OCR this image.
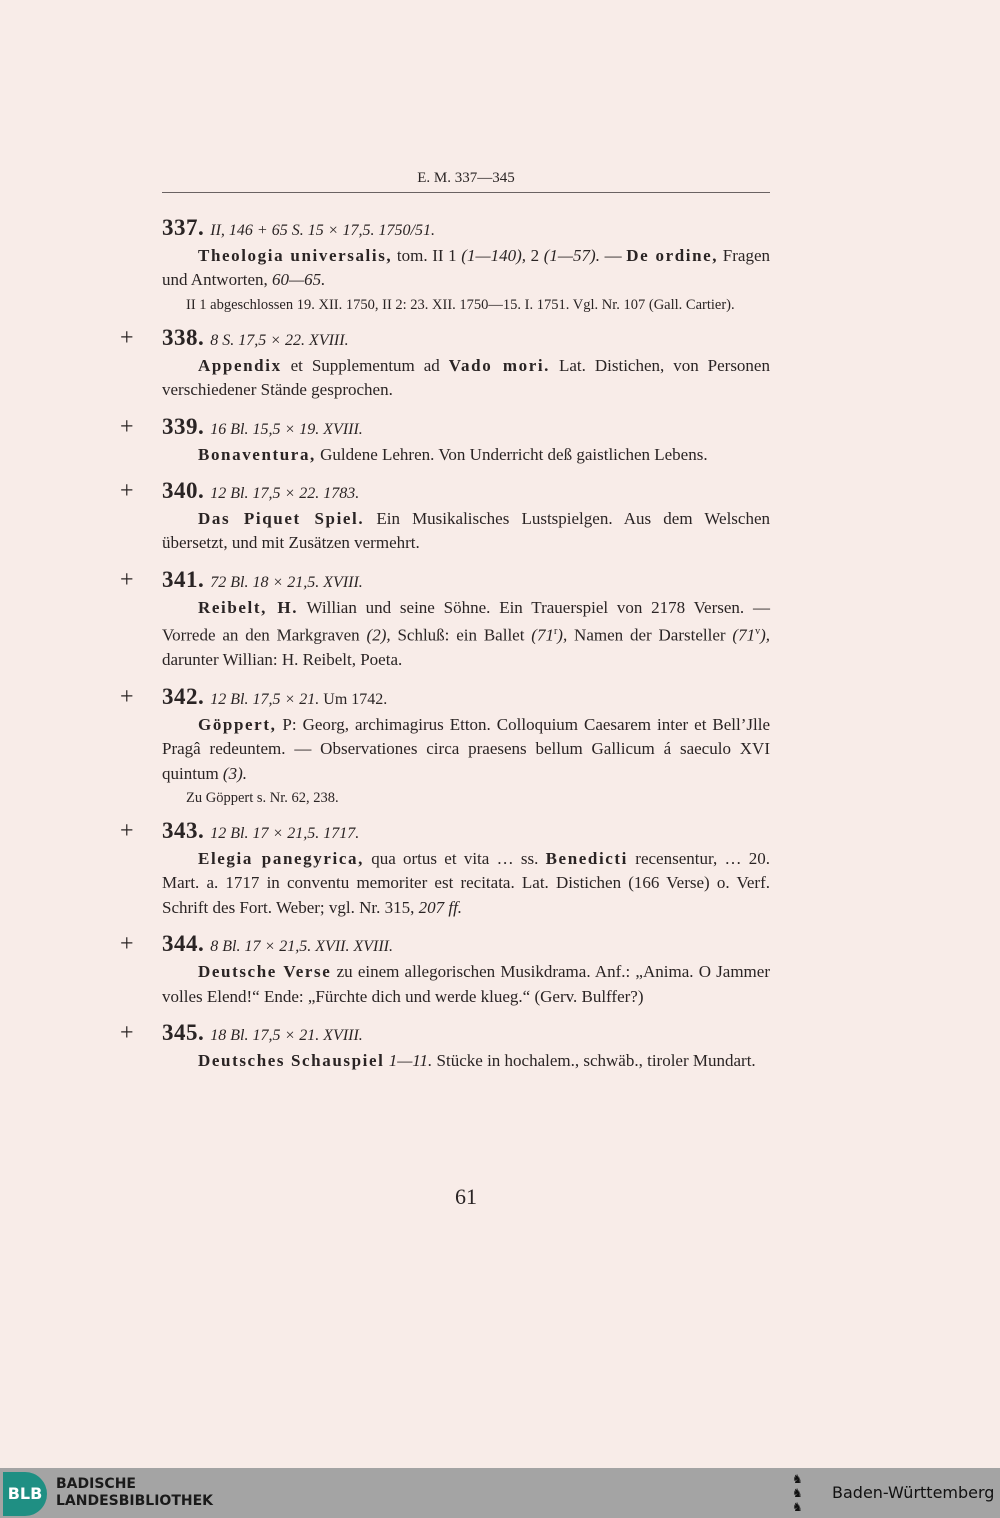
E. M. 337—345
337. II, 146 + 65 S. 15 × 17,5. 1750/51.
Theologia universalis, tom. II 1 (1—140), 2 (1—57). — De ordine, Fragen und Antworten, 60—65.
II 1 abgeschlossen 19. XII. 1750, II 2: 23. XII. 1750—15. I. 1751. Vgl. Nr. 107 (Gall. Cartier).
+ 338. 8 S. 17,5 × 22. XVIII.
Appendix et Supplementum ad Vado mori. Lat. Distichen, von Personen verschiedener Stände gesprochen.
+ 339. 16 Bl. 15,5 × 19. XVIII.
Bonaventura, Guldene Lehren. Von Underricht deß gaistlichen Lebens.
+ 340. 12 Bl. 17,5 × 22. 1783.
Das Piquet Spiel. Ein Musikalisches Lustspielgen. Aus dem Welschen übersetzt, und mit Zusätzen vermehrt.
+ 341. 72 Bl. 18 × 21,5. XVIII.
Reibelt, H. Willian und seine Söhne. Ein Trauerspiel von 2178 Versen. — Vorrede an den Markgraven (2), Schluß: ein Ballet (71$^r$), Namen der Darsteller (71$^v$), darunter Willian: H. Reibelt, Poeta.
+ 342. 12 Bl. 17,5 × 21. Um 1742.
Göppert, P: Georg, archimagirus Etton. Colloquium Caesarem inter et Bell’Jlle Pragâ redeuntem. — Observationes circa praesens bellum Gallicum á saeculo XVI quintum (3).
Zu Göppert s. Nr. 62, 238.
+ 343. 12 Bl. 17 × 21,5. 1717.
Elegia panegyrica, qua ortus et vita … ss. Benedicti recensentur, … 20. Mart. a. 1717 in conventu memoriter est recitata. Lat. Distichen (166 Verse) o. Verf. Schrift des Fort. Weber; vgl. Nr. 315, 207 ff.
+ 344. 8 Bl. 17 × 21,5. XVII. XVIII.
Deutsche Verse zu einem allegorischen Musikdrama. Anf.: „Anima. O Jammer volles Elend!“ Ende: „Fürchte dich und werde klueg.“ (Gerv. Bulffer?)
+ 345. 18 Bl. 17,5 × 21. XVIII.
Deutsches Schauspiel 1—11. Stücke in hochalem., schwäb., tiroler Mundart.
61
BLB BADISCHE
LANDESBIBLIOTHEK
♞
♞
♞
Baden-Württemberg
